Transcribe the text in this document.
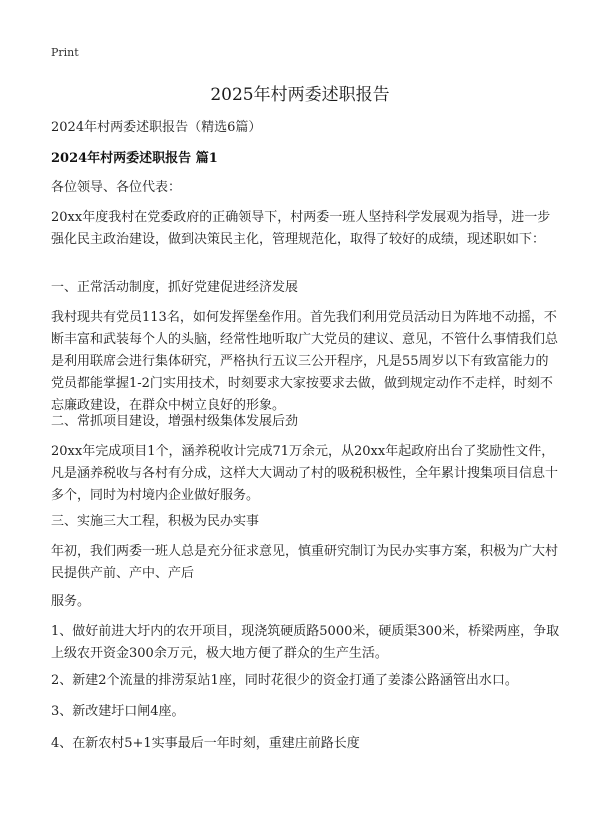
Print
2025年村两委述职报告
2024年村两委述职报告（精选6篇）
2024年村两委述职报告 篇1
各位领导、各位代表：
20xx年度我村在党委政府的正确领导下，村两委一班人坚持科学发展观为指导，进一步强化民主政治建设，做到决策民主化，管理规范化，取得了较好的成绩，现述职如下：
一、正常活动制度，抓好党建促进经济发展
我村现共有党员113名，如何发挥堡垒作用。首先我们利用党员活动日为阵地不动摇，不断丰富和武装每个人的头脑，经常性地听取广大党员的建议、意见，不管什么事情我们总是利用联席会进行集体研究，严格执行五议三公开程序，凡是55周岁以下有致富能力的党员都能掌握1-2门实用技术，时刻要求大家按要求去做，做到规定动作不走样，时刻不忘廉政建设，在群众中树立良好的形象。
二、常抓项目建设，增强村级集体发展后劲
20xx年完成项目1个，涵养税收计完成71万余元，从20xx年起政府出台了奖励性文件，凡是涵养税收与各村有分成，这样大大调动了村的吸税积极性，全年累计搜集项目信息十多个，同时为村境内企业做好服务。
三、实施三大工程，积极为民办实事
年初，我们两委一班人总是充分征求意见，慎重研究制订为民办实事方案，积极为广大村民提供产前、产中、产后
服务。
1、做好前进大圩内的农开项目，现浇筑硬质路5000米，硬质渠300米，桥梁两座，争取上级农开资金300余万元，极大地方便了群众的生产生活。
2、新建2个流量的排涝泵站1座，同时花很少的资金打通了姜漆公路涵管出水口。
3、新改建圩口闸4座。
4、在新农村5+1实事最后一年时刻，重建庄前路长度
